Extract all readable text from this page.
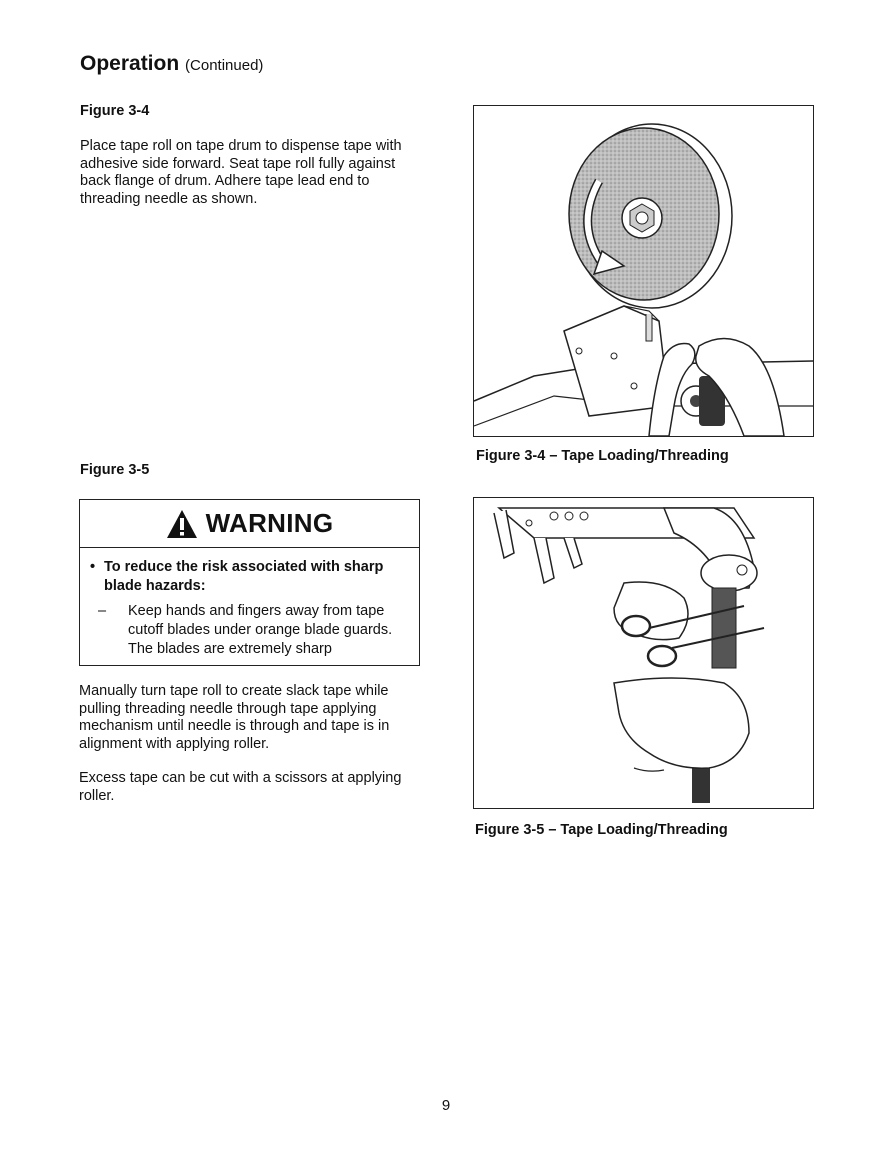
Operation (Continued)
Figure 3-4
Place tape roll on tape drum to dispense tape with adhesive side forward. Seat tape roll fully against back flange of drum. Adhere tape lead end to threading needle as shown.
Figure 3-4 – Tape Loading/Threading
Figure 3-5
WARNING
• To reduce the risk associated with sharp blade hazards:
–	Keep hands and fingers away from tape cutoff blades under orange blade guards. The blades are extremely sharp
Manually turn tape roll to create slack tape while pulling threading needle through tape applying mechanism until needle is through and tape is in alignment with applying roller.
Excess tape can be cut with a scissors at applying roller.
Figure 3-5 – Tape Loading/Threading
9
